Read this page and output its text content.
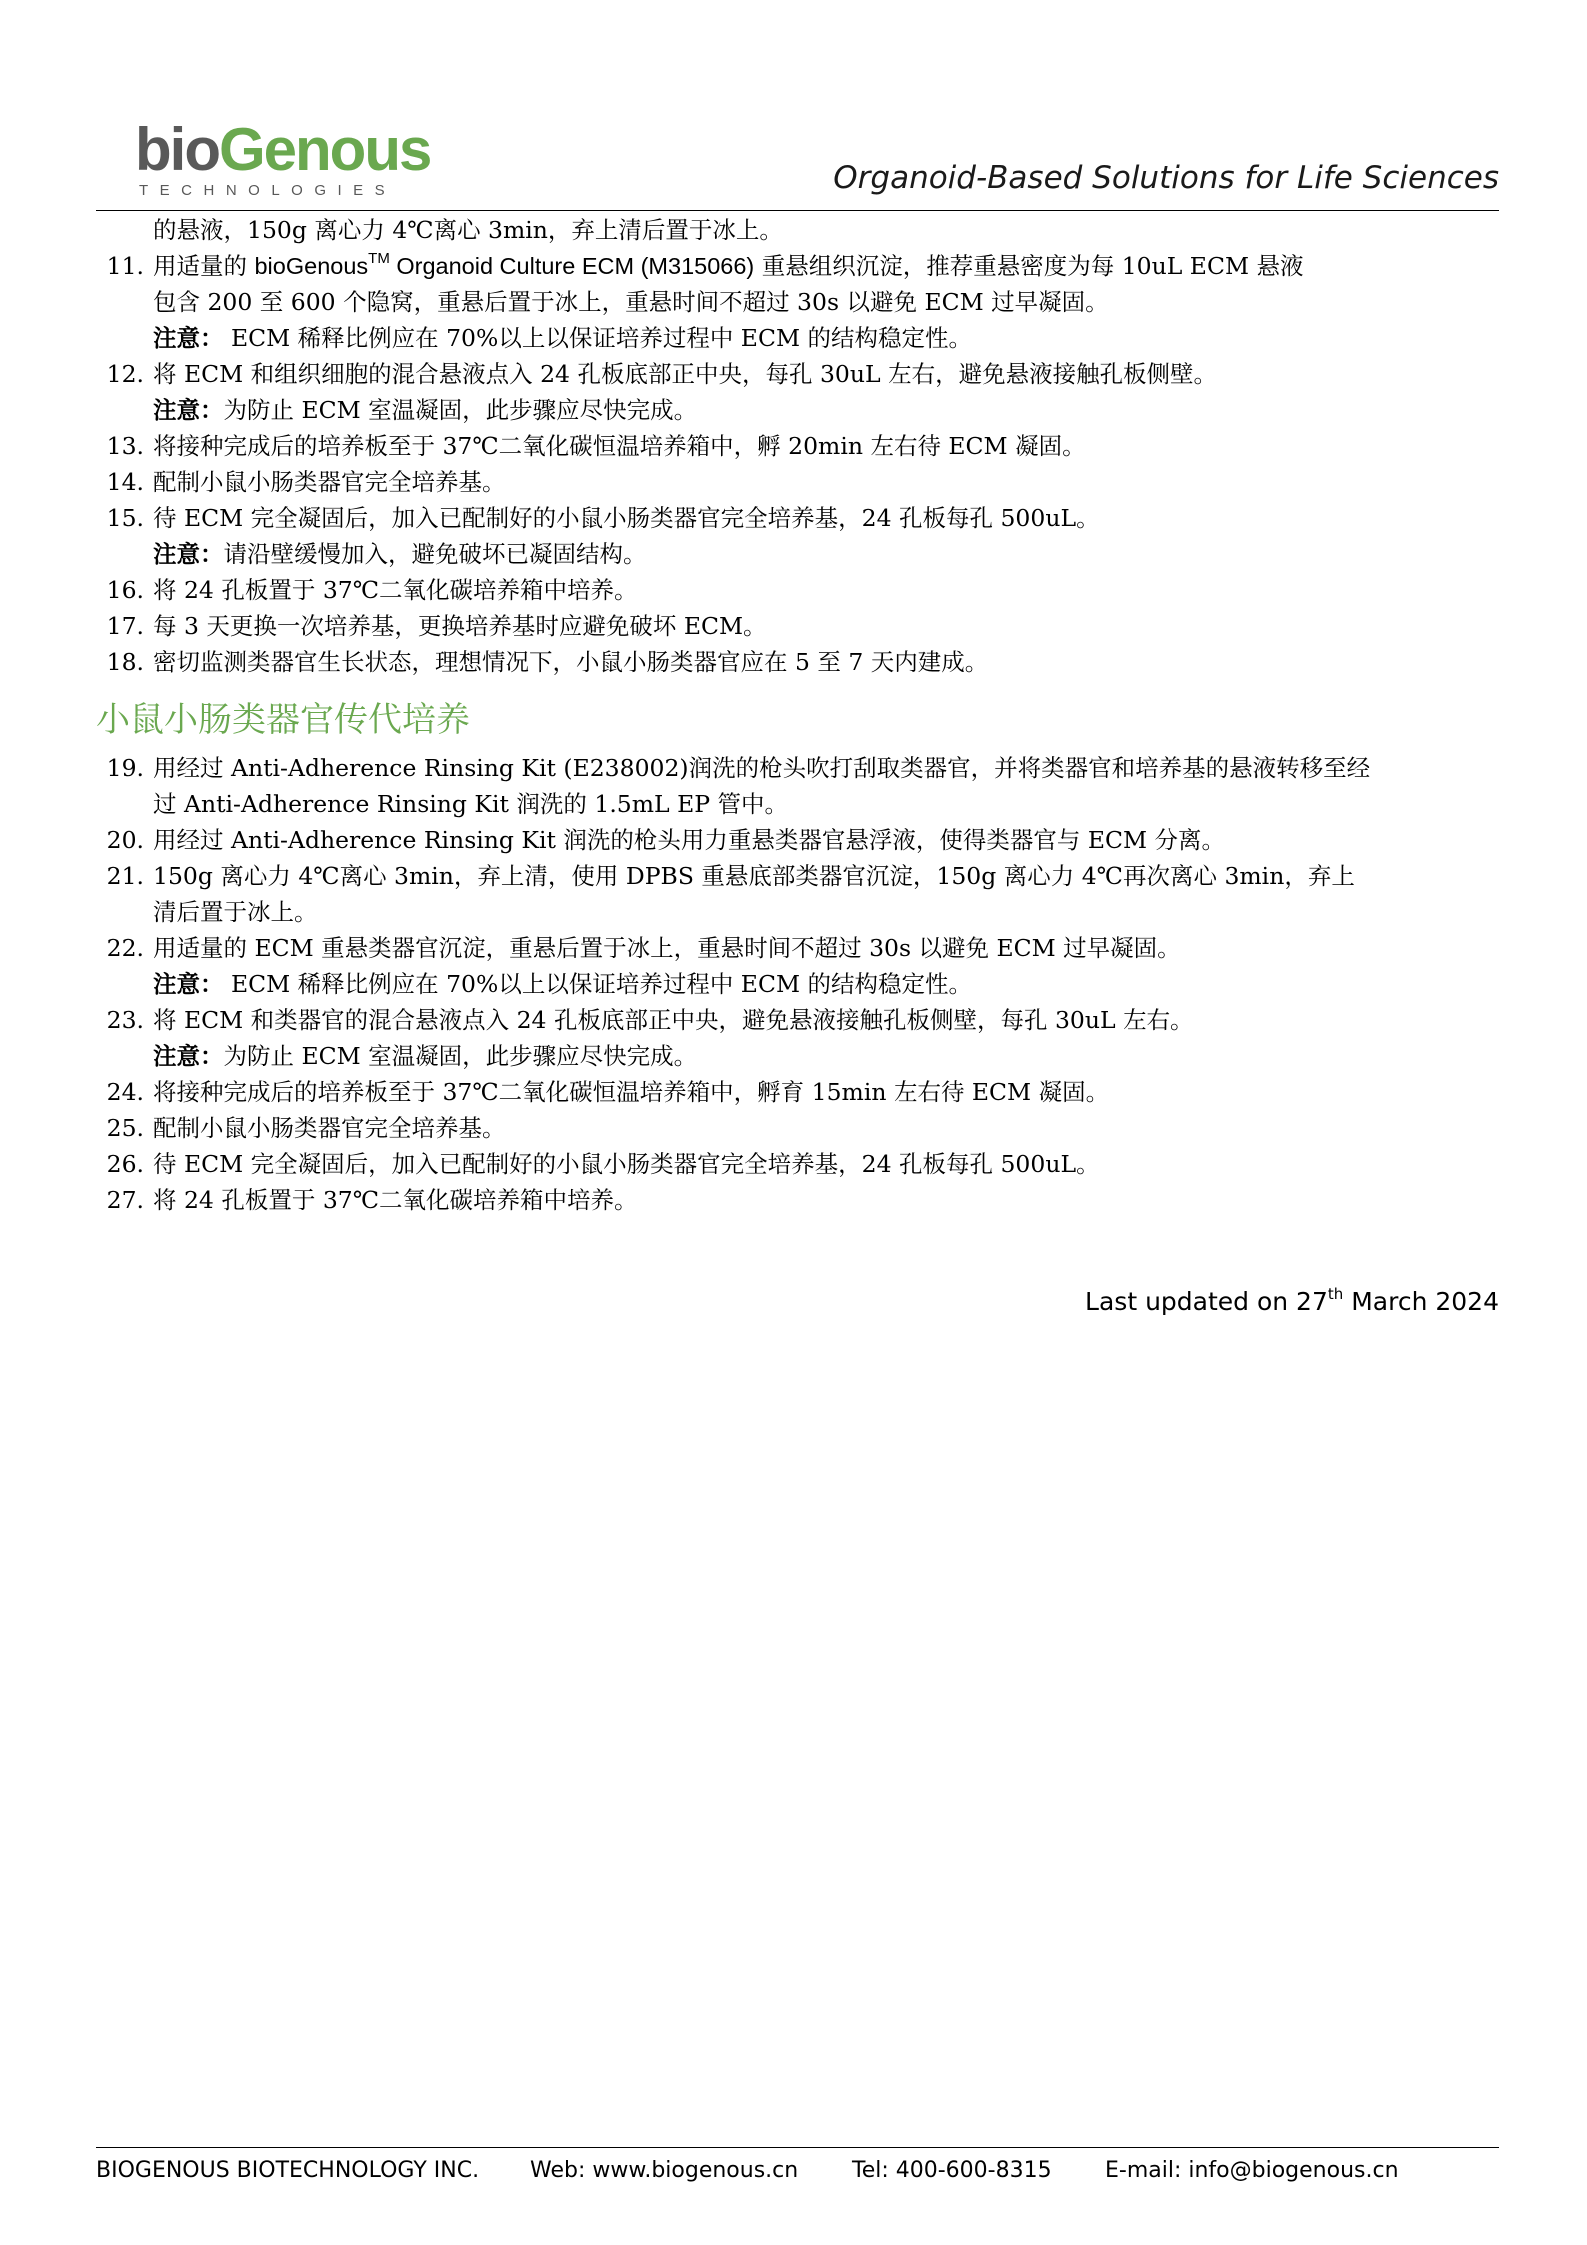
bioGenous
TECHNOLOGIES	Organoid-Based Solutions for Life Sciences
的悬液，150g 离心力 4℃离心 3min，弃上清后置于冰上。
11. 用适量的 bioGenous™ Organoid Culture ECM (M315066) 重悬组织沉淀，推荐重悬密度为每 10uL ECM 悬液
包含 200 至 600 个隐窝，重悬后置于冰上，重悬时间不超过 30s 以避免 ECM 过早凝固。
注意： ECM 稀释比例应在 70%以上以保证培养过程中 ECM 的结构稳定性。
12. 将 ECM 和组织细胞的混合悬液点入 24 孔板底部正中央，每孔 30uL 左右，避免悬液接触孔板侧壁。
注意：为防止 ECM 室温凝固，此步骤应尽快完成。
13. 将接种完成后的培养板至于 37℃二氧化碳恒温培养箱中，孵 20min 左右待 ECM 凝固。
14. 配制小鼠小肠类器官完全培养基。
15. 待 ECM 完全凝固后，加入已配制好的小鼠小肠类器官完全培养基，24 孔板每孔 500uL。
注意：请沿壁缓慢加入，避免破坏已凝固结构。
16. 将 24 孔板置于 37℃二氧化碳培养箱中培养。
17. 每 3 天更换一次培养基，更换培养基时应避免破坏 ECM。
18. 密切监测类器官生长状态，理想情况下，小鼠小肠类器官应在 5 至 7 天内建成。
小鼠小肠类器官传代培养
19. 用经过 Anti-Adherence Rinsing Kit (E238002)润洗的枪头吹打刮取类器官，并将类器官和培养基的悬液转移至经
过 Anti-Adherence Rinsing Kit 润洗的 1.5mL EP 管中。
20. 用经过 Anti-Adherence Rinsing Kit 润洗的枪头用力重悬类器官悬浮液，使得类器官与 ECM 分离。
21. 150g 离心力 4℃离心 3min，弃上清，使用 DPBS 重悬底部类器官沉淀，150g 离心力 4℃再次离心 3min，弃上
清后置于冰上。
22. 用适量的 ECM 重悬类器官沉淀，重悬后置于冰上，重悬时间不超过 30s 以避免 ECM 过早凝固。
注意： ECM 稀释比例应在 70%以上以保证培养过程中 ECM 的结构稳定性。
23. 将 ECM 和类器官的混合悬液点入 24 孔板底部正中央，避免悬液接触孔板侧壁，每孔 30uL 左右。
注意：为防止 ECM 室温凝固，此步骤应尽快完成。
24. 将接种完成后的培养板至于 37℃二氧化碳恒温培养箱中，孵育 15min 左右待 ECM 凝固。
25. 配制小鼠小肠类器官完全培养基。
26. 待 ECM 完全凝固后，加入已配制好的小鼠小肠类器官完全培养基，24 孔板每孔 500uL。
27. 将 24 孔板置于 37℃二氧化碳培养箱中培养。
Last updated on 27th March 2024
BIOGENOUS BIOTECHNOLOGY INC. Web: www.biogenous.cn Tel: 400-600-8315 E-mail: info@biogenous.cn
